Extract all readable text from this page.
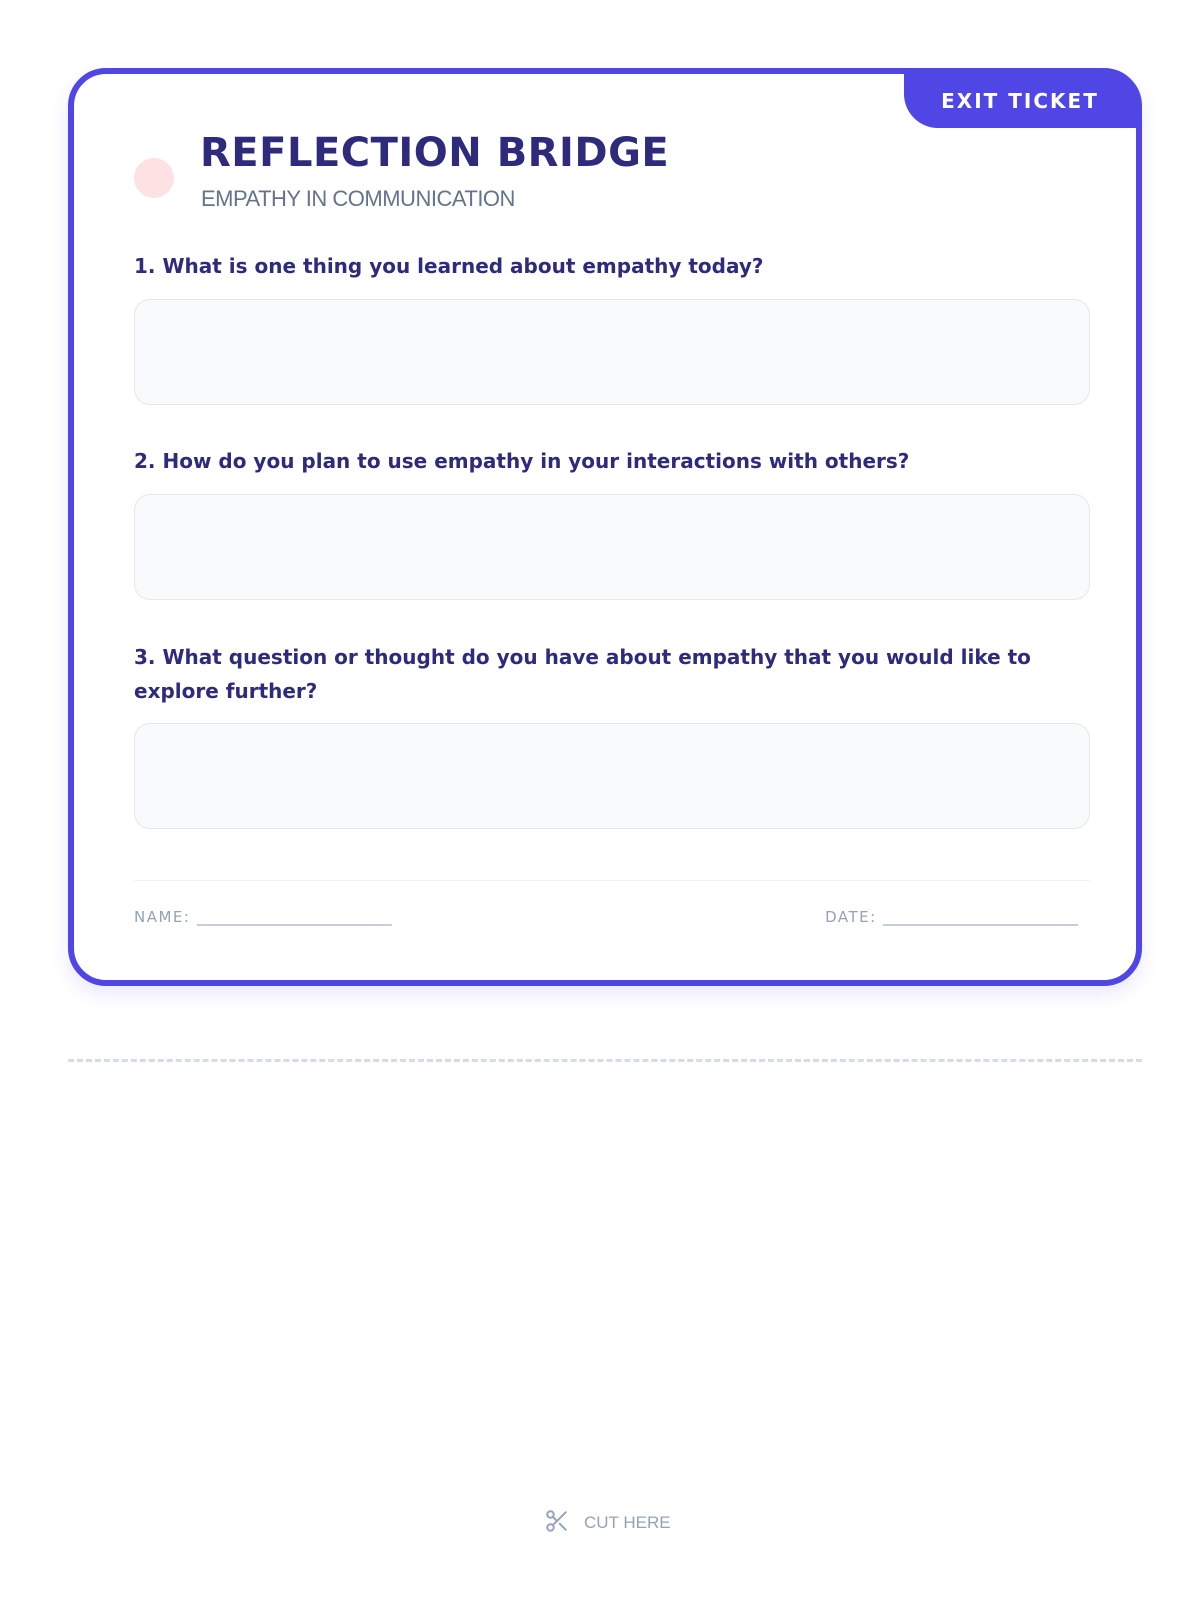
EXIT TICKET
REFLECTION BRIDGE
EMPATHY IN COMMUNICATION

1. What is one thing you learned about empathy today?

2. How do you plan to use empathy in your interactions with others?

3. What question or thought do you have about empathy that you would like to explore further?

NAME: __________________________	DATE: __________________________
CUT HERE
